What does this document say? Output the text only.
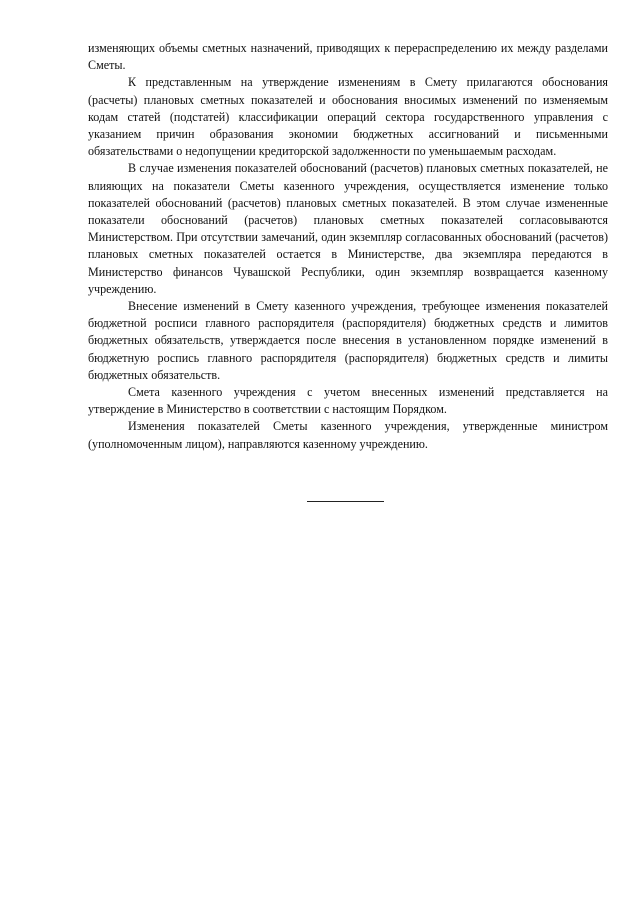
изменяющих объемы сметных назначений, приводящих к перераспределению их между разделами Сметы.

К представленным на утверждение изменениям в Смету прилагаются обоснования (расчеты) плановых сметных показателей и обоснования вносимых изменений по изменяемым кодам статей (подстатей) классификации операций сектора государственного управления с указанием причин образования экономии бюджетных ассигнований и письменными обязательствами о недопущении кредиторской задолженности по уменьшаемым расходам.

В случае изменения показателей обоснований (расчетов) плановых сметных показателей, не влияющих на показатели Сметы казенного учреждения, осуществляется изменение только показателей обоснований (расчетов) плановых сметных показателей. В этом случае измененные показатели обоснований (расчетов) плановых сметных показателей согласовываются Министерством. При отсутствии замечаний, один экземпляр согласованных обоснований (расчетов) плановых сметных показателей остается в Министерстве, два экземпляра передаются в Министерство финансов Чувашской Республики, один экземпляр возвращается казенному учреждению.

Внесение изменений в Смету казенного учреждения, требующее изменения показателей бюджетной росписи главного распорядителя (распорядителя) бюджетных средств и лимитов бюджетных обязательств, утверждается после внесения в установленном порядке изменений в бюджетную роспись главного распорядителя (распорядителя) бюджетных средств и лимиты бюджетных обязательств.

Смета казенного учреждения с учетом внесенных изменений представляется на утверждение в Министерство в соответствии с настоящим Порядком.

Изменения показателей Сметы казенного учреждения, утвержденные министром (уполномоченным лицом), направляются казенному учреждению.
